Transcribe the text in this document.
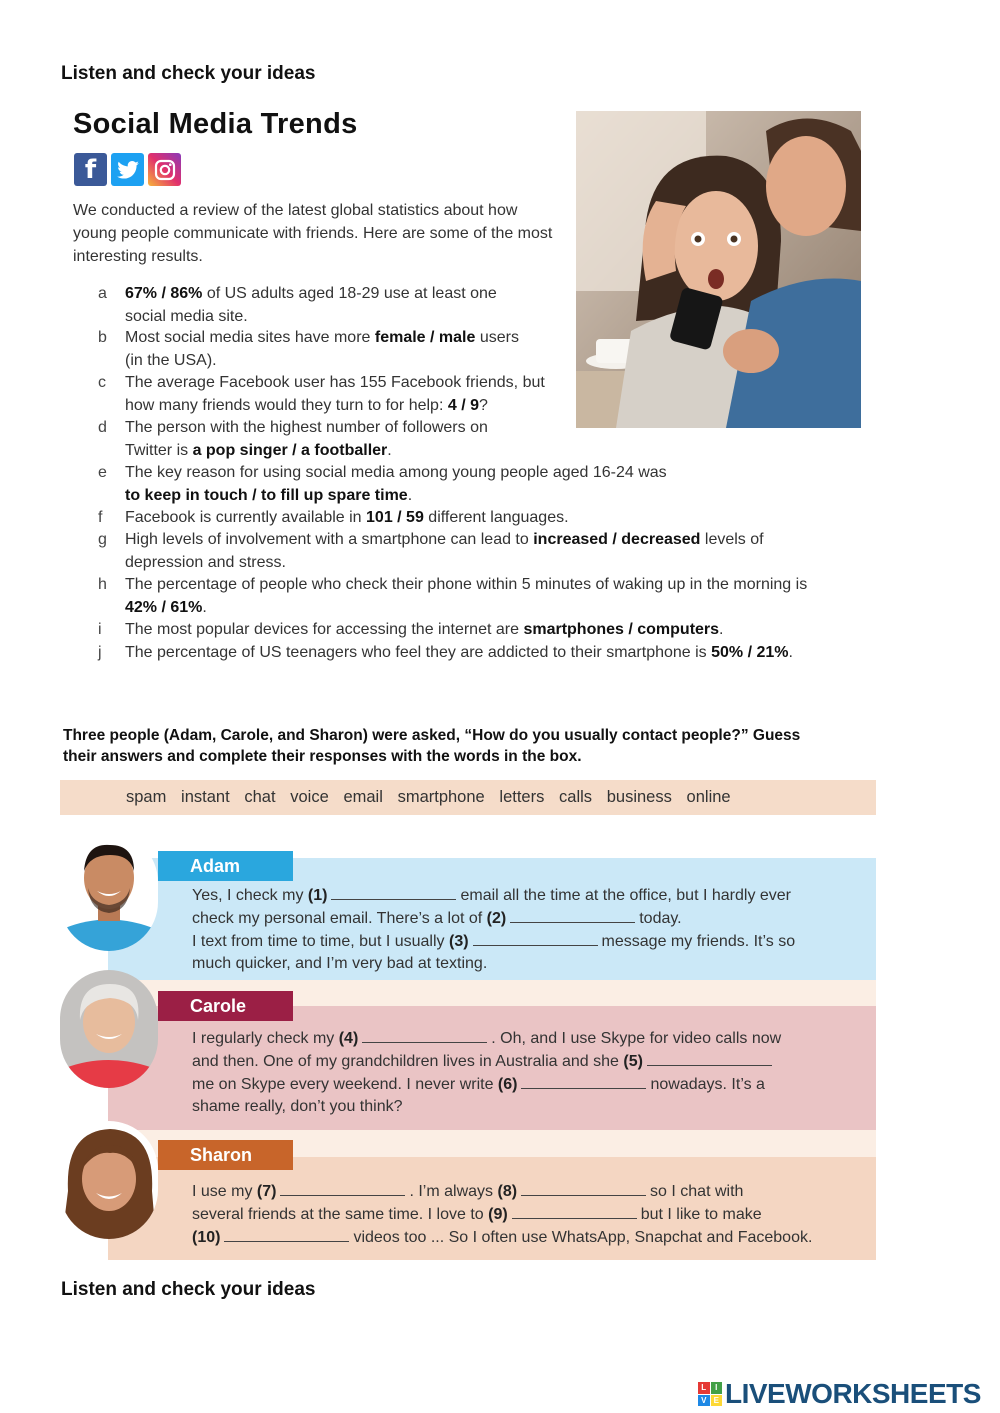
Listen and check your ideas
Social Media Trends
f
We conducted a review of the latest global statistics about how young people communicate with friends. Here are some of the most interesting results.
a	67% / 86% of US adults aged 18-29 use at least one
social media site.
b	Most social media sites have more female / male users
(in the USA).
c	The average Facebook user has 155 Facebook friends, but
how many friends would they turn to for help: 4 / 9?
d	The person with the highest number of followers on
Twitter is a pop singer / a footballer.
e	The key reason for using social media among young people aged 16-24 was
to keep in touch / to fill up spare time.
f	Facebook is currently available in 101 / 59 different languages.
g	High levels of involvement with a smartphone can lead to increased / decreased levels of
depression and stress.
h	The percentage of people who check their phone within 5 minutes of waking up in the morning is
42% / 61%.
i	The most popular devices for accessing the internet are smartphones / computers.
j	The percentage of US teenagers who feel they are addicted to their smartphone is 50% / 21%.
Three people (Adam, Carole, and Sharon) were asked, “How do you usually contact people?” Guess
their answers and complete their responses with the words in the box.
spam instant chat voice email smartphone letters calls business online
Adam
Carole
Sharon
Yes, I check my (1)	email all the time at the office, but I hardly ever
check my personal email. There’s a lot of (2)	today.
I text from time to time, but I usually (3)	message my friends. It’s so
much quicker, and I’m very bad at texting.
I regularly check my (4)	. Oh, and I use Skype for video calls now
and then. One of my grandchildren lives in Australia and she (5)
me on Skype every weekend. I never write (6)	nowadays. It’s a
shame really, don’t you think?
I use my (7)	. I’m always (8)	so I chat with
several friends at the same time. I love to (9)	but I like to make
(10)	videos too ... So I often use WhatsApp, Snapchat and Facebook.
Listen and check your ideas
L	I
V E LIVEWORKSHEETS
